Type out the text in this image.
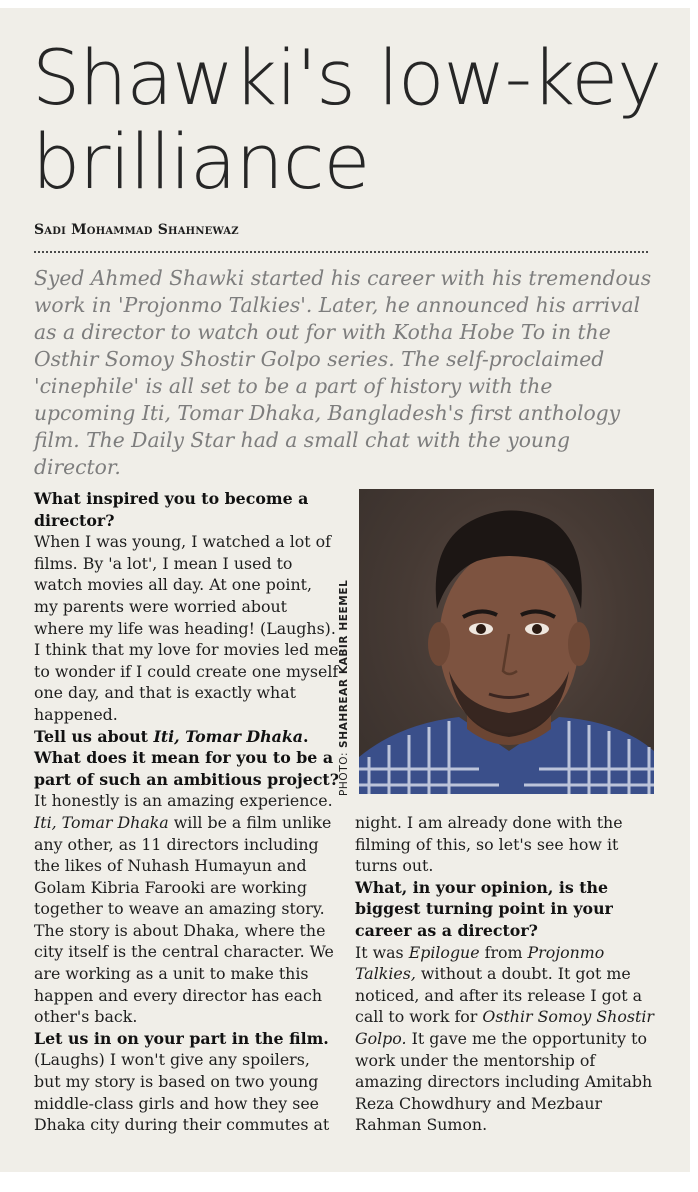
Shawki's low-key brilliance
Sadi Mohammad Shahnewaz

Syed Ahmed Shawki started his career with his tremendous work in 'Projonmo Talkies'. Later, he announced his arrival as a director to watch out for with Kotha Hobe To in the Osthir Somoy Shostir Golpo series. The self-proclaimed 'cinephile' is all set to be a part of history with the upcoming Iti, Tomar Dhaka, Bangladesh's first anthology film. The Daily Star had a small chat with the young director.

What inspired you to become a director?

When I was young, I watched a lot of films. By 'a lot', I mean I used to watch movies all day. At one point, my parents were worried about where my life was heading! (Laughs). I think that my love for movies led me to wonder if I could create one myself one day, and that is exactly what happened.

Tell us about Iti, Tomar Dhaka. What does it mean for you to be a part of such an ambitious project?

It honestly is an amazing experience. Iti, Tomar Dhaka will be a film unlike any other, as 11 directors including the likes of Nuhash Humayun and Golam Kibria Farooki are working together to weave an amazing story. The story is about Dhaka, where the city itself is the central character. We are working as a unit to make this happen and every director has each other's back.

Let us in on your part in the film.

(Laughs) I won't give any spoilers, but my story is based on two young middle-class girls and how they see Dhaka city during their commutes at

PHOTO: SHAHREAR KABIR HEEMEL

night. I am already done with the filming of this, so let's see how it turns out.

What, in your opinion, is the biggest turning point in your career as a director?

It was Epilogue from Projonmo Talkies, without a doubt. It got me noticed, and after its release I got a call to work for Osthir Somoy Shostir Golpo. It gave me the opportunity to work under the mentorship of amazing directors including Amitabh Reza Chowdhury and Mezbaur Rahman Sumon.
